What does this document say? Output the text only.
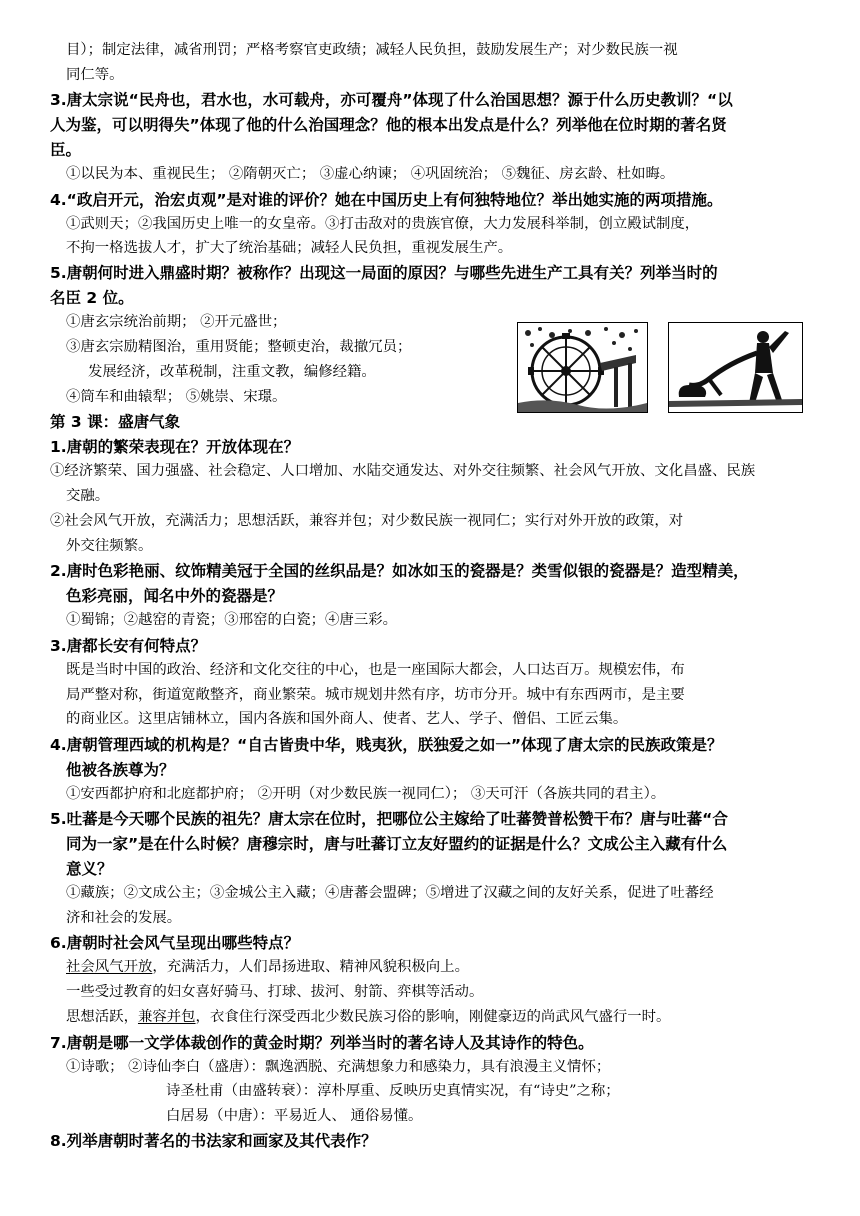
目）；制定法律，减省刑罚；严格考察官吏政绩；减轻人民负担，鼓励发展生产；对少数民族一视
同仁等。
3.唐太宗说“民舟也，君水也，水可载舟，亦可覆舟”体现了什么治国思想？源于什么历史教训？“以
人为鉴，可以明得失”体现了他的什么治国理念？他的根本出发点是什么？列举他在位时期的著名贤
臣。
①以民为本、重视民生； ②隋朝灭亡； ③虚心纳谏； ④巩固统治； ⑤魏征、房玄龄、杜如晦。
4.“政启开元，治宏贞观”是对谁的评价？她在中国历史上有何独特地位？举出她实施的两项措施。
①武则天；②我国历史上唯一的女皇帝。③打击敌对的贵族官僚，大力发展科举制，创立殿试制度，
不拘一格选拔人才，扩大了统治基础；减轻人民负担，重视发展生产。
5.唐朝何时进入鼎盛时期？被称作？出现这一局面的原因？与哪些先进生产工具有关？列举当时的
名臣 2 位。
①唐玄宗统治前期； ②开元盛世；
③唐玄宗励精图治，重用贤能；整顿吏治，裁撤冗员；
发展经济，改革税制，注重文教，编修经籍。
④筒车和曲辕犁； ⑤姚崇、宋璟。
第 3 课：盛唐气象
1.唐朝的繁荣表现在？开放体现在？
①经济繁荣、国力强盛、社会稳定、人口增加、水陆交通发达、对外交往频繁、社会风气开放、文化昌盛、民族
交融。
②社会风气开放，充满活力；思想活跃，兼容并包；对少数民族一视同仁；实行对外开放的政策，对
外交往频繁。
2.唐时色彩艳丽、纹饰精美冠于全国的丝织品是？如冰如玉的瓷器是？类雪似银的瓷器是？造型精美，
色彩亮丽，闻名中外的瓷器是？
①蜀锦；②越窑的青瓷；③邢窑的白瓷；④唐三彩。
3.唐都长安有何特点？
既是当时中国的政治、经济和文化交往的中心，也是一座国际大都会，人口达百万。规模宏伟，布
局严整对称，街道宽敞整齐，商业繁荣。城市规划井然有序，坊市分开。城中有东西两市，是主要
的商业区。这里店铺林立，国内各族和国外商人、使者、艺人、学子、僧侣、工匠云集。
4.唐朝管理西域的机构是？“自古皆贵中华，贱夷狄，朕独爱之如一”体现了唐太宗的民族政策是？
他被各族尊为？
①安西都护府和北庭都护府； ②开明（对少数民族一视同仁）； ③天可汗（各族共同的君主）。
5.吐蕃是今天哪个民族的祖先？唐太宗在位时，把哪位公主嫁给了吐蕃赞普松赞干布？唐与吐蕃“合
同为一家”是在什么时候？唐穆宗时，唐与吐蕃订立友好盟约的证据是什么？文成公主入藏有什么
意义？
①藏族；②文成公主；③金城公主入藏；④唐蕃会盟碑；⑤增进了汉藏之间的友好关系，促进了吐蕃经
济和社会的发展。
6.唐朝时社会风气呈现出哪些特点？
社会风气开放，充满活力，人们昂扬进取、精神风貌积极向上。
一些受过教育的妇女喜好骑马、打球、拔河、射箭、弈棋等活动。
思想活跃，兼容并包，衣食住行深受西北少数民族习俗的影响，刚健豪迈的尚武风气盛行一时。
7.唐朝是哪一文学体裁创作的黄金时期？列举当时的著名诗人及其诗作的特色。
①诗歌； ②诗仙李白（盛唐）：飘逸洒脱、充满想象力和感染力，具有浪漫主义情怀；
诗圣杜甫（由盛转衰）：淳朴厚重、反映历史真情实况，有“诗史”之称；
白居易（中唐）：平易近人、 通俗易懂。
8.列举唐朝时著名的书法家和画家及其代表作？
